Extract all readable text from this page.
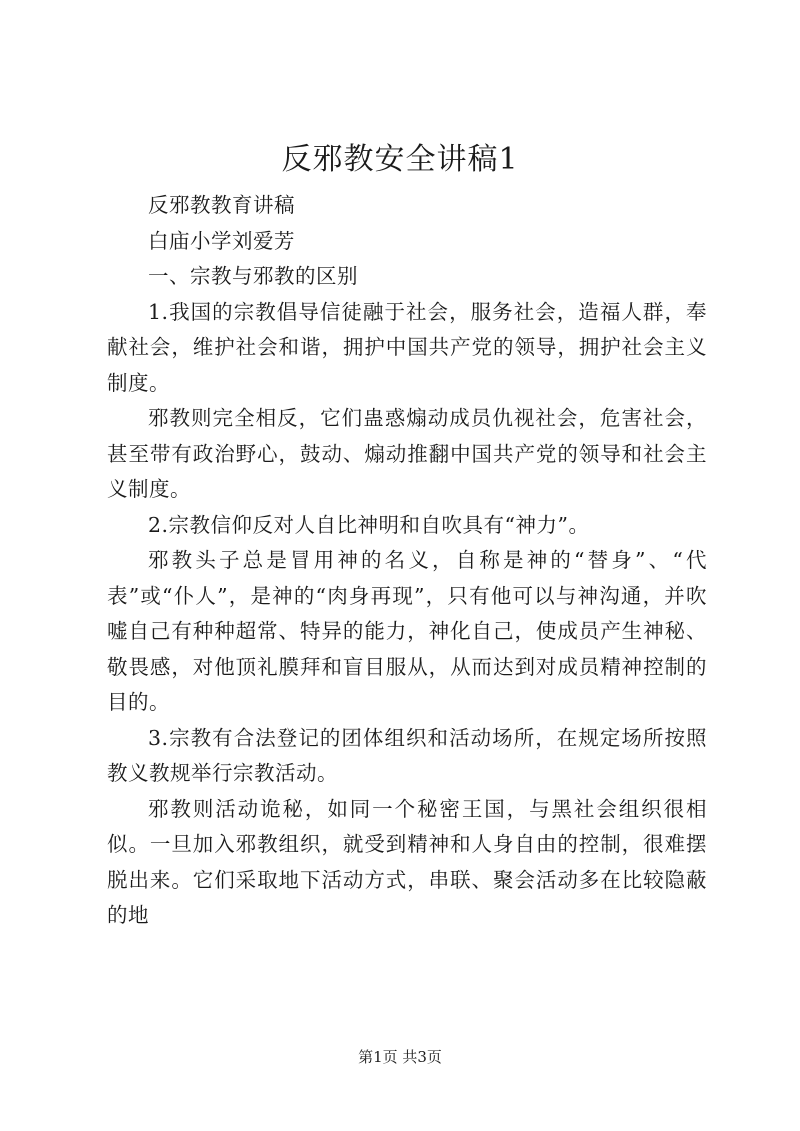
反邪教安全讲稿1

反邪教教育讲稿

白庙小学刘爱芳

一、宗教与邪教的区别

1.我国的宗教倡导信徒融于社会，服务社会，造福人群，奉献社会，维护社会和谐，拥护中国共产党的领导，拥护社会主义制度。

邪教则完全相反，它们蛊惑煽动成员仇视社会，危害社会，甚至带有政治野心，鼓动、煽动推翻中国共产党的领导和社会主义制度。

2.宗教信仰反对人自比神明和自吹具有“神力”。

邪教头子总是冒用神的名义，自称是神的“替身”、“代表”或“仆人”，是神的“肉身再现”，只有他可以与神沟通，并吹嘘自己有种种超常、特异的能力，神化自己，使成员产生神秘、敬畏感，对他顶礼膜拜和盲目服从，从而达到对成员精神控制的目的。

3.宗教有合法登记的团体组织和活动场所，在规定场所按照教义教规举行宗教活动。

邪教则活动诡秘，如同一个秘密王国，与黑社会组织很相似。一旦加入邪教组织，就受到精神和人身自由的控制，很难摆脱出来。它们采取地下活动方式，串联、聚会活动多在比较隐蔽的地

第1页 共3页
